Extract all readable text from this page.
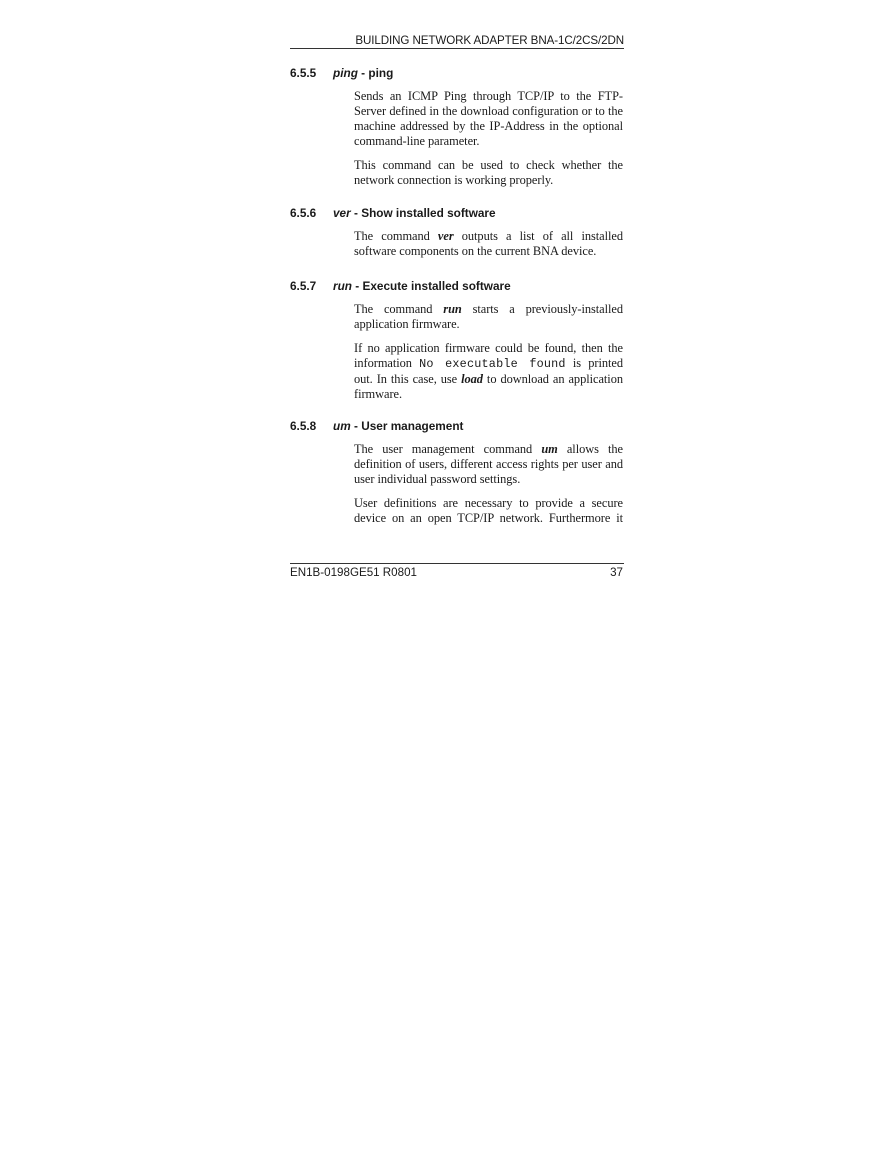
BUILDING NETWORK ADAPTER BNA-1C/2CS/2DN
6.5.5 ping - ping

Sends an ICMP Ping through TCP/IP to the FTP-Server defined in the download configuration or to the machine addressed by the IP-Address in the optional command-line parameter.

This command can be used to check whether the network connection is working properly.

6.5.6 ver - Show installed software

The command ver outputs a list of all installed software components on the current BNA device.

6.5.7 run - Execute installed software

The command run starts a previously-installed application firmware.

If no application firmware could be found, then the information No executable found is printed out. In this case, use load to download an application firmware.

6.5.8 um - User management

The user management command um allows the definition of users, different access rights per user and user individual password settings.

User definitions are necessary to provide a secure device on an open TCP/IP network. Furthermore it

EN1B-0198GE51 R0801	37
